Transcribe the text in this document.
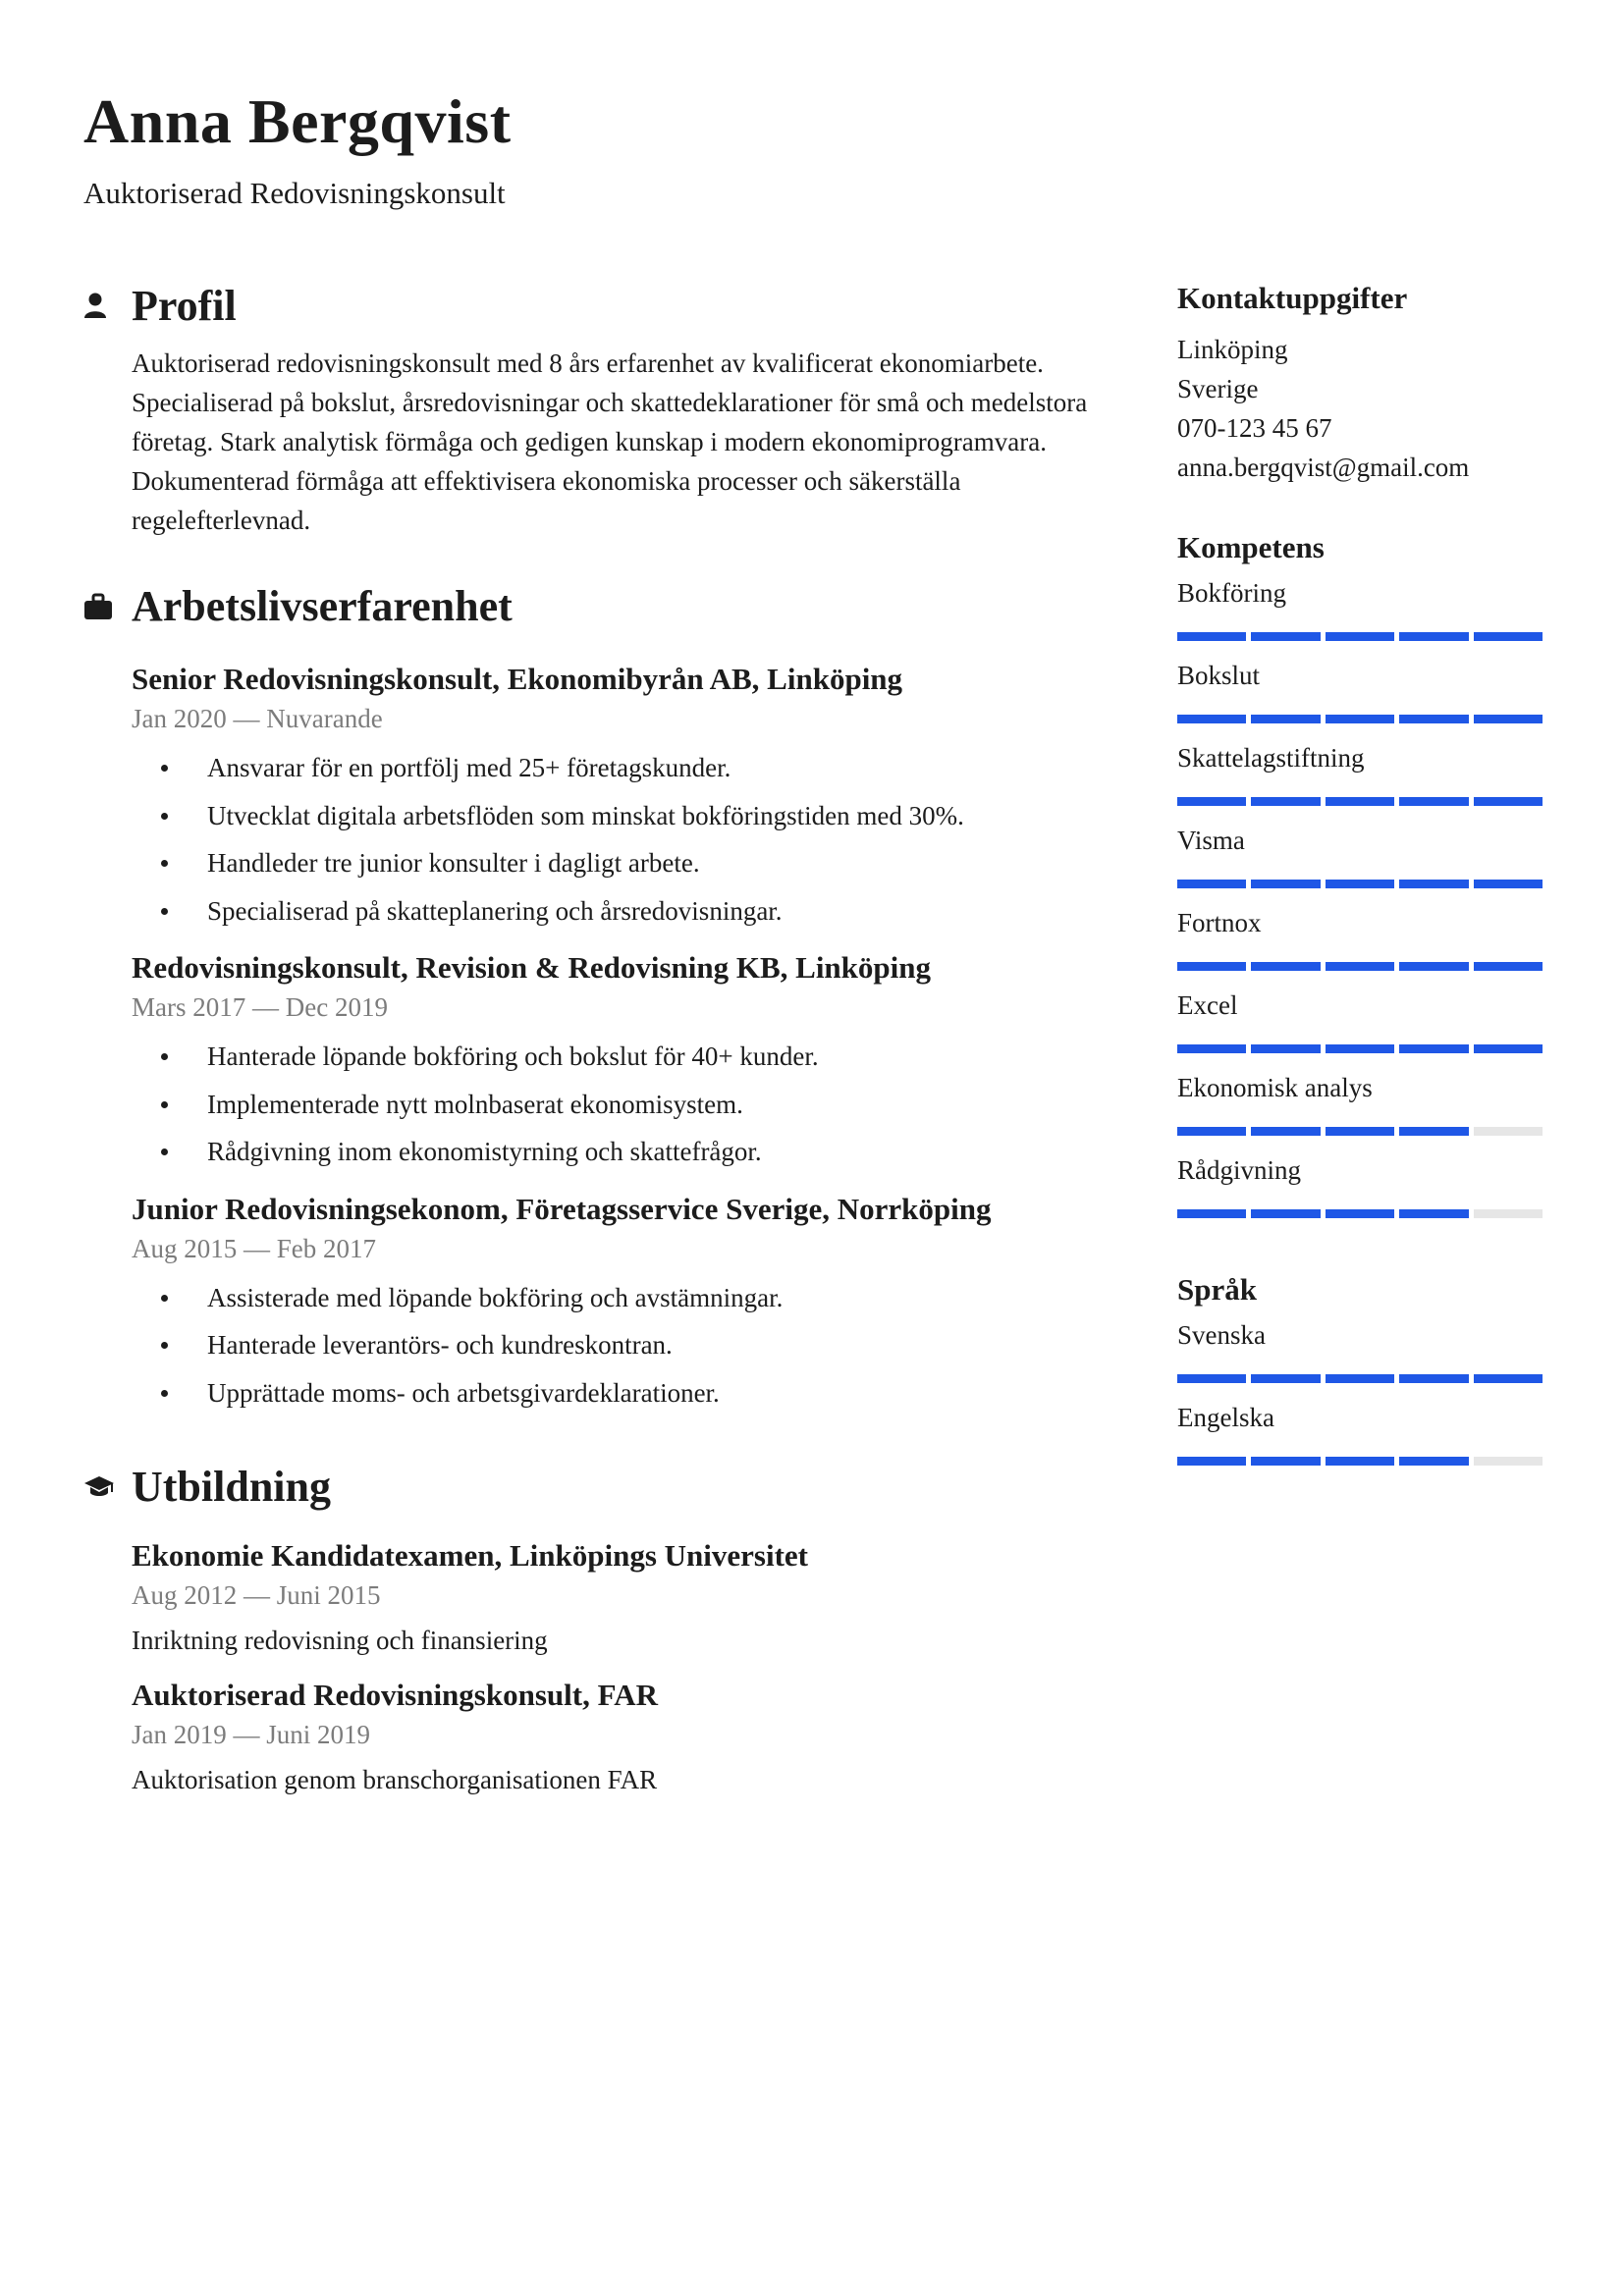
Anna Bergqvist
Auktoriserad Redovisningskonsult
Profil

Auktoriserad redovisningskonsult med 8 års erfarenhet av kvalificerat ekonomiarbete. Specialiserad på bokslut, årsredovisningar och skattedeklarationer för små och medelstora företag. Stark analytisk förmåga och gedigen kunskap i modern ekonomiprogramvara. Dokumenterad förmåga att effektivisera ekonomiska processer och säkerställa regelefterlevnad.

Arbetslivserfarenhet

Senior Redovisningskonsult, Ekonomibyrån AB, Linköping

Jan 2020 — Nuvarande

Ansvarar för en portfölj med 25+ företagskunder.
Utvecklat digitala arbetsflöden som minskat bokföringstiden med 30%.
Handleder tre junior konsulter i dagligt arbete.
Specialiserad på skatteplanering och årsredovisningar.

Redovisningskonsult, Revision & Redovisning KB, Linköping

Mars 2017 — Dec 2019

Hanterade löpande bokföring och bokslut för 40+ kunder.
Implementerade nytt molnbaserat ekonomisystem.
Rådgivning inom ekonomistyrning och skattefrågor.

Junior Redovisningsekonom, Företagsservice Sverige, Norrköping

Aug 2015 — Feb 2017

Assisterade med löpande bokföring och avstämningar.
Hanterade leverantörs- och kundreskontran.
Upprättade moms- och arbetsgivardeklarationer.
Utbildning

Ekonomie Kandidatexamen, Linköpings Universitet

Aug 2012 — Juni 2015

Inriktning redovisning och finansiering

Auktoriserad Redovisningskonsult, FAR

Jan 2019 — Juni 2019

Auktorisation genom branschorganisationen FAR

Kontaktuppgifter
Linköping
Sverige
070-123 45 67
anna.bergqvist@gmail.com
Kompetens
Bokföring
Bokslut
Skattelagstiftning
Visma
Fortnox
Excel
Ekonomisk analys
Rådgivning
Språk
Svenska
Engelska
